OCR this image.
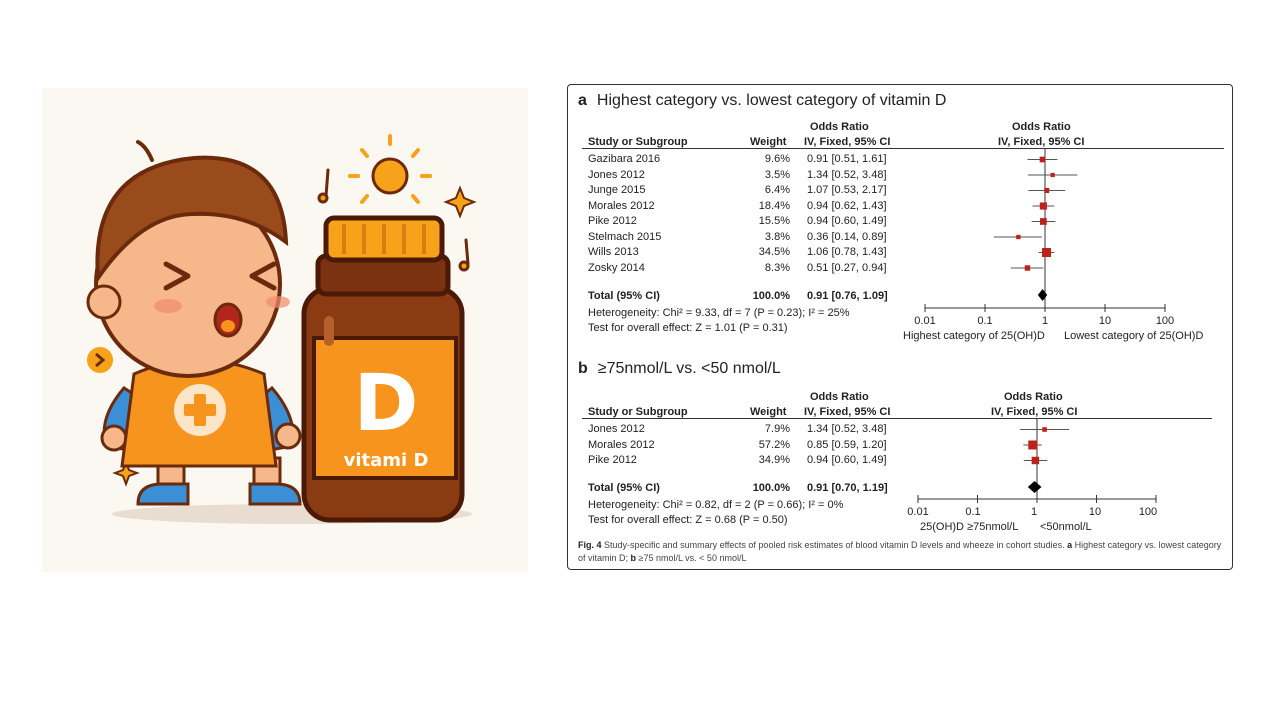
D
vitami D
a Highest category vs. lowest category of vitamin D
Odds Ratio	Odds Ratio
Study or Subgroup	Weight IV, Fixed, 95% CI	IV, Fixed, 95% CI
Gazibara 2016	9.6% 0.91 [0.51, 1.61]
Jones 2012	3.5% 1.34 [0.52, 3.48]
Junge 2015	6.4% 1.07 [0.53, 2.17]
Morales 2012	18.4% 0.94 [0.62, 1.43]
Pike 2012	15.5% 0.94 [0.60, 1.49]
Stelmach 2015	3.8% 0.36 [0.14, 0.89]
Wills 2013	34.5% 1.06 [0.78, 1.43]
Zosky 2014	8.3% 0.51 [0.27, 0.94]
Total (95% CI)	100.0% 0.91 [0.76, 1.09]
Heterogeneity: Chi² = 9.33, df = 7 (P = 0.23); I² = 25%
Test for overall effect: Z = 1.01 (P = 0.31)
0.01	0.1	1	10	100
Highest category of 25(OH)D Lowest category of 25(OH)D
b ≥75nmol/L vs. <50 nmol/L
Odds Ratio	Odds Ratio
Study or Subgroup	Weight IV, Fixed, 95% CI	IV, Fixed, 95% CI
Jones 2012	7.9% 1.34 [0.52, 3.48]
Morales 2012	57.2% 0.85 [0.59, 1.20]
Pike 2012	34.9% 0.94 [0.60, 1.49]
Total (95% CI)	100.0% 0.91 [0.70, 1.19]
Heterogeneity: Chi² = 0.82, df = 2 (P = 0.66); I² = 0%
Test for overall effect: Z = 0.68 (P = 0.50)
0.01	0.1	1	10	100
25(OH)D ≥75nmol/L <50nmol/L
Fig. 4 Study-specific and summary effects of pooled risk estimates of blood vitamin D levels and wheeze in cohort studies. a Highest category vs. lowest category of vitamin D; b ≥75 nmol/L vs. < 50 nmol/L
